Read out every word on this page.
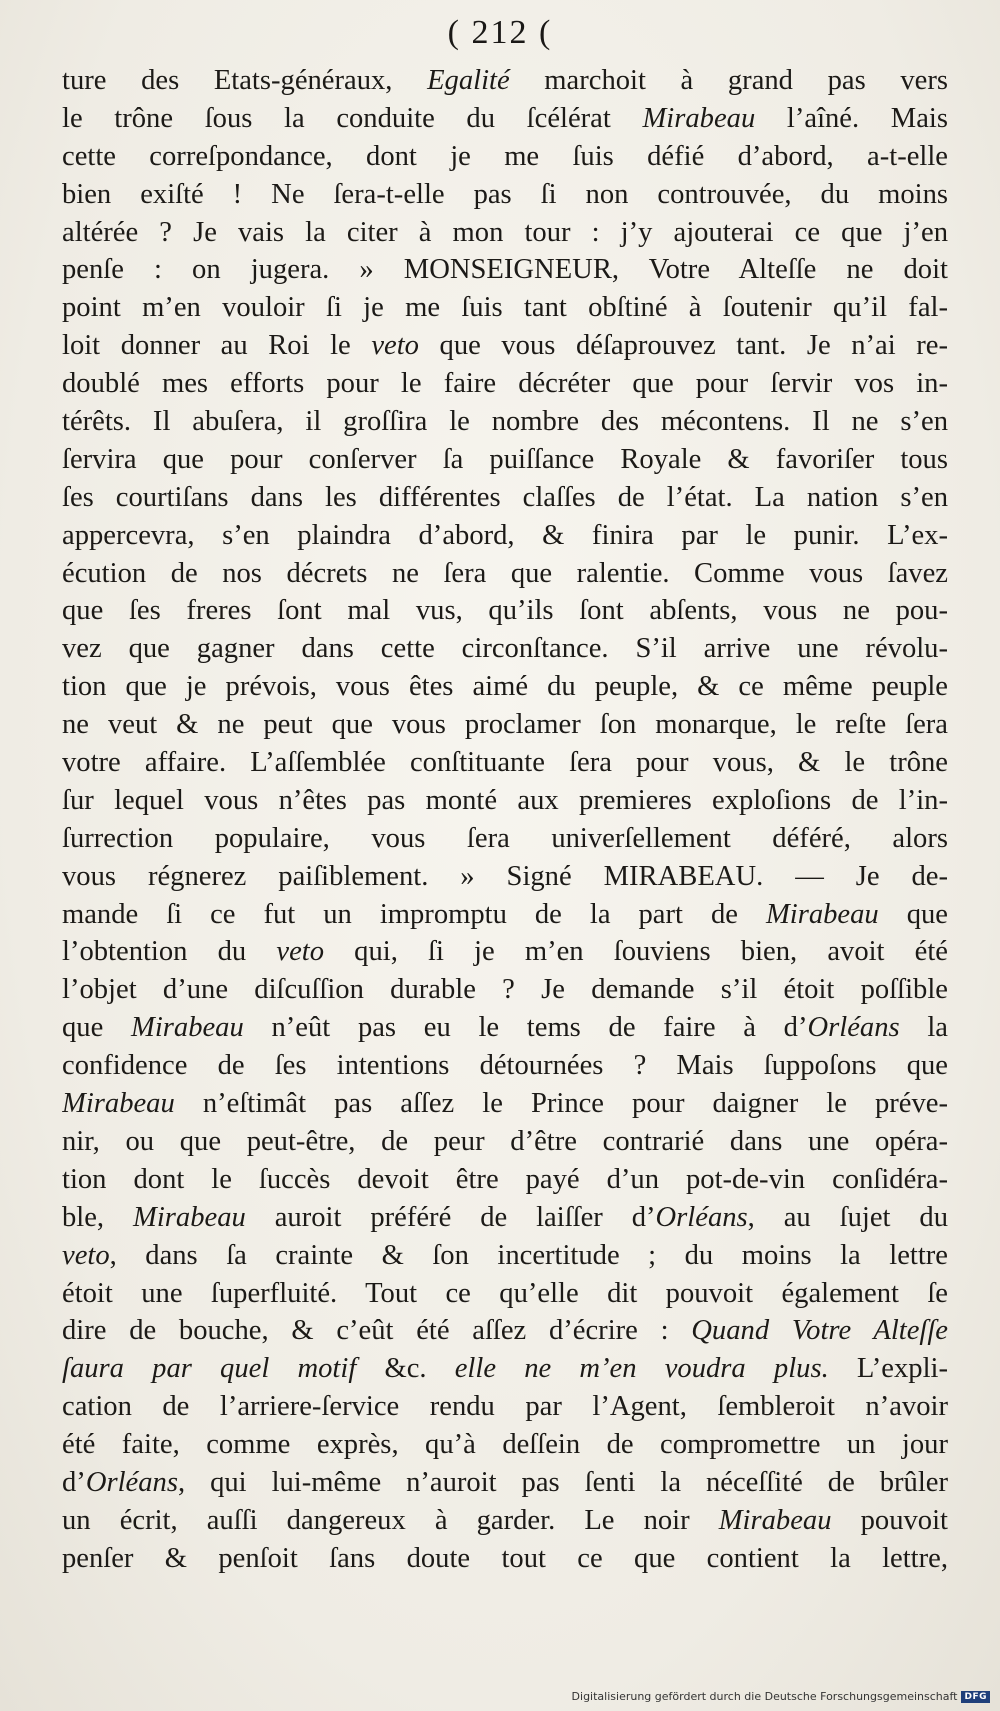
( 212 (
ture des Etats-généraux, Egalité marchoit à grand pas vers
le trône ſous la conduite du ſcélérat Mirabeau l’aîné. Mais
cette correſpondance, dont je me ſuis défié d’abord, a-t-elle
bien exiſté ! Ne ſera-t-elle pas ſi non controuvée, du moins
altérée ? Je vais la citer à mon tour : j’y ajouterai ce que j’en
penſe : on jugera. » MONSEIGNEUR, Votre Alteſſe ne doit
point m’en vouloir ſi je me ſuis tant obſtiné à ſoutenir qu’il fal-
loit donner au Roi le veto que vous déſaprouvez tant. Je n’ai re-
doublé mes efforts pour le faire décréter que pour ſervir vos in-
térêts. Il abuſera, il groſſira le nombre des mécontens. Il ne s’en
ſervira que pour conſerver ſa puiſſance Royale & favoriſer tous
ſes courtiſans dans les différentes claſſes de l’état. La nation s’en
appercevra, s’en plaindra d’abord, & finira par le punir. L’ex-
écution de nos décrets ne ſera que ralentie. Comme vous ſavez
que ſes freres ſont mal vus, qu’ils ſont abſents, vous ne pou-
vez que gagner dans cette circonſtance. S’il arrive une révolu-
tion que je prévois, vous êtes aimé du peuple, & ce même peuple
ne veut & ne peut que vous proclamer ſon monarque, le reſte ſera
votre affaire. L’aſſemblée conſtituante ſera pour vous, & le trône
ſur lequel vous n’êtes pas monté aux premieres exploſions de l’in-
ſurrection populaire, vous ſera univerſellement déféré, alors
vous régnerez paiſiblement. » Signé MIRABEAU. — Je de-
mande ſi ce fut un impromptu de la part de Mirabeau que
l’obtention du veto qui, ſi je m’en ſouviens bien, avoit été
l’objet d’une diſcuſſion durable ? Je demande s’il étoit poſſible
que Mirabeau n’eût pas eu le tems de faire à d’Orléans la
confidence de ſes intentions détournées ? Mais ſuppoſons que
Mirabeau n’eſtimât pas aſſez le Prince pour daigner le préve-
nir, ou que peut-être, de peur d’être contrarié dans une opéra-
tion dont le ſuccès devoit être payé d’un pot-de-vin conſidéra-
ble, Mirabeau auroit préféré de laiſſer d’Orléans, au ſujet du
veto, dans ſa crainte & ſon incertitude ; du moins la lettre
étoit une ſuperfluité. Tout ce qu’elle dit pouvoit également ſe
dire de bouche, & c’eût été aſſez d’écrire : Quand Votre Alteſſe
ſaura par quel motif &c. elle ne m’en voudra plus. L’expli-
cation de l’arriere-ſervice rendu par l’Agent, ſembleroit n’avoir
été faite, comme exprès, qu’à deſſein de compromettre un jour
d’Orléans, qui lui-même n’auroit pas ſenti la néceſſité de brûler
un écrit, auſſi dangereux à garder. Le noir Mirabeau pouvoit
penſer & penſoit ſans doute tout ce que contient la lettre,
Digitalisierung gefördert durch die Deutsche Forschungsgemeinschaft DFG
